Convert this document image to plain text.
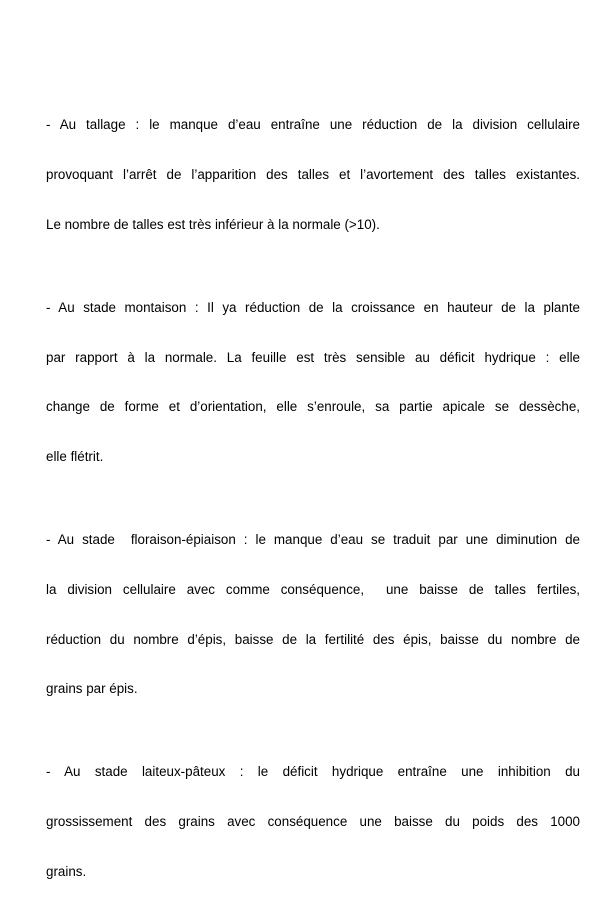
- Au tallage : le manque d’eau entraîne une réduction de la division cellulaire

provoquant l’arrêt de l’apparition des talles et l’avortement des talles existantes.

Le nombre de talles est très inférieur à la normale (>10).

- Au stade montaison : Il ya réduction de la croissance en hauteur de la plante

par rapport à la normale. La feuille est très sensible au déficit hydrique : elle

change de forme et d’orientation, elle s’enroule, sa partie apicale se dessèche,

elle flétrit.

- Au stade  floraison-épiaison : le manque d’eau se traduit par une diminution de

la division cellulaire avec comme conséquence,  une baisse de talles fertiles,

réduction du nombre d’épis, baisse de la fertilité des épis, baisse du nombre de

grains par épis.

- Au stade laiteux-pâteux : le déficit hydrique entraîne une inhibition du

grossissement des grains avec conséquence une baisse du poids des 1000

grains.
